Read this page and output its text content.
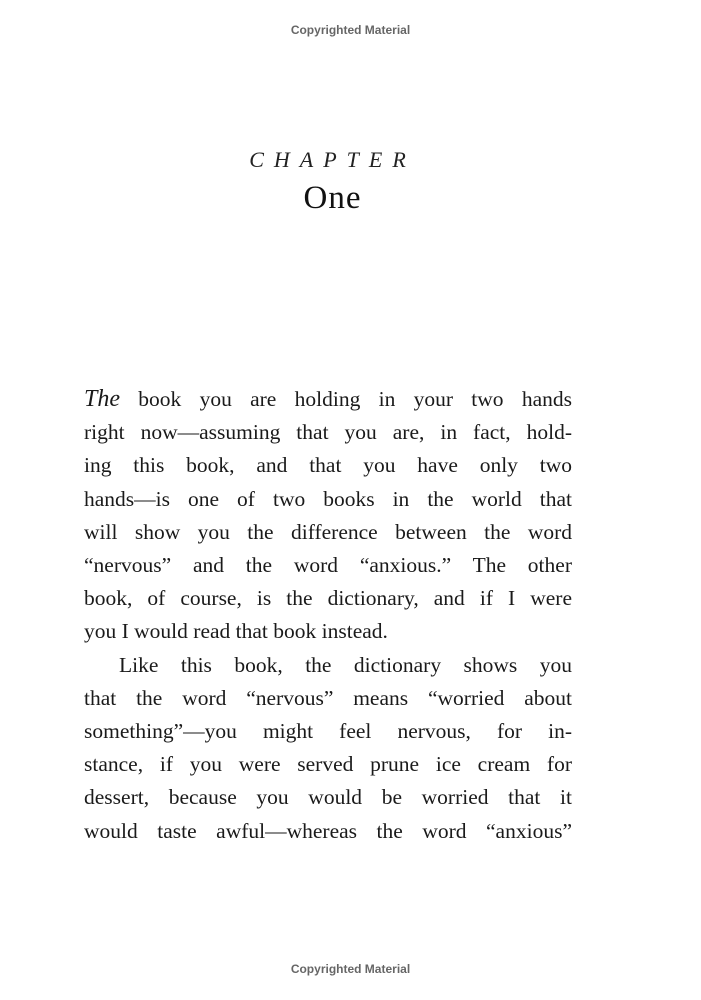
Copyrighted Material
CHAPTER
One
The book you are holding in your two hands
right now—assuming that you are, in fact, hold-
ing this book, and that you have only two
hands—is one of two books in the world that
will show you the difference between the word
“nervous” and the word “anxious.” The other
book, of course, is the dictionary, and if I were
you I would read that book instead.
Like this book, the dictionary shows you
that the word “nervous” means “worried about
something”—you might feel nervous, for in-
stance, if you were served prune ice cream for
dessert, because you would be worried that it
would taste awful—whereas the word “anxious”
Copyrighted Material
